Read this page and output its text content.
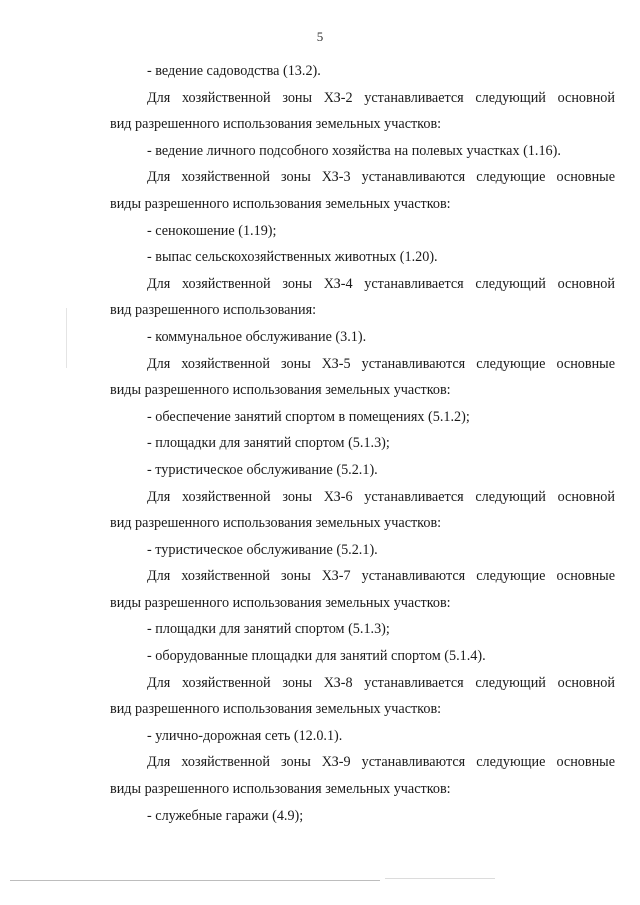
5
- ведение садоводства (13.2).
Для хозяйственной зоны ХЗ-2 устанавливается следующий основной
вид разрешенного использования земельных участков:
- ведение личного подсобного хозяйства на полевых участках (1.16).
Для хозяйственной зоны ХЗ-3 устанавливаются следующие основные
виды разрешенного использования земельных участков:
- сенокошение (1.19);
- выпас сельскохозяйственных животных (1.20).
Для хозяйственной зоны ХЗ-4 устанавливается следующий основной
вид разрешенного использования:
- коммунальное обслуживание (3.1).
Для хозяйственной зоны ХЗ-5 устанавливаются следующие основные
виды разрешенного использования земельных участков:
- обеспечение занятий спортом в помещениях (5.1.2);
- площадки для занятий спортом (5.1.3);
- туристическое обслуживание (5.2.1).
Для хозяйственной зоны ХЗ-6 устанавливается следующий основной
вид разрешенного использования земельных участков:
- туристическое обслуживание (5.2.1).
Для хозяйственной зоны ХЗ-7 устанавливаются следующие основные
виды разрешенного использования земельных участков:
- площадки для занятий спортом (5.1.3);
- оборудованные площадки для занятий спортом (5.1.4).
Для хозяйственной зоны ХЗ-8 устанавливается следующий основной
вид разрешенного использования земельных участков:
- улично-дорожная сеть (12.0.1).
Для хозяйственной зоны ХЗ-9 устанавливаются следующие основные
виды разрешенного использования земельных участков:
- служебные гаражи (4.9);
